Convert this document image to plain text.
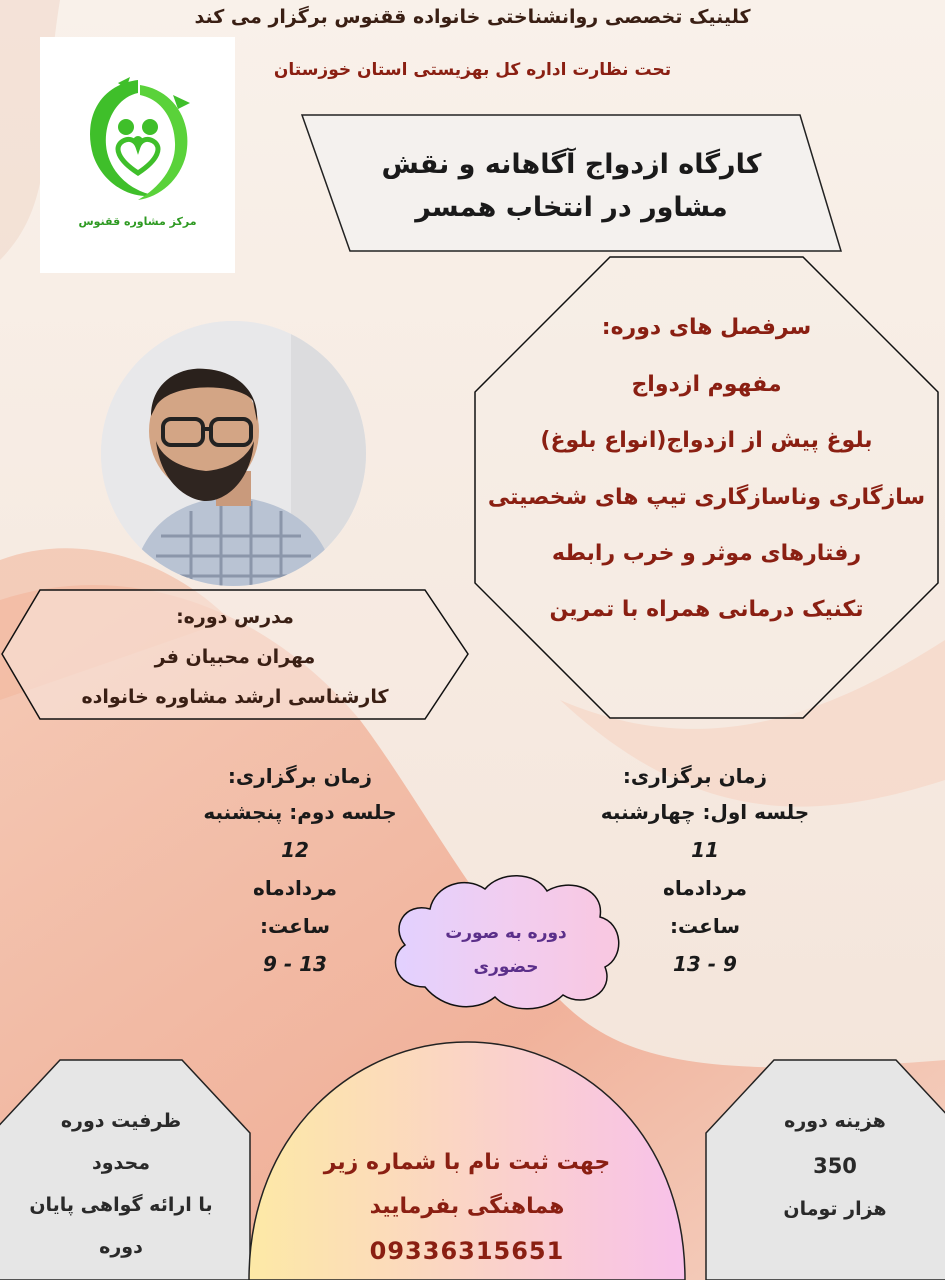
کلینیک تخصصی روانشناختی خانواده ققنوس برگزار می کند
تحت نظارت اداره کل بهزیستی استان خوزستان
مرکز مشاوره ققنوس
کارگاه ازدواج آگاهانه و نقش
مشاور در انتخاب همسر
سرفصل های دوره:
مفهوم ازدواج
بلوغ پیش از ازدواج(انواع بلوغ)
سازگاری وناسازگاری تیپ های شخصیتی
رفتارهای موثر و خرب رابطه
تکنیک درمانی همراه با تمرین
مدرس دوره:
مهران محبیان فر
کارشناسی ارشد مشاوره خانواده
زمان برگزاری:
جلسه اول: چهارشنبه
11
مردادماه
ساعت:
13 - 9
زمان برگزاری:
جلسه دوم: پنجشنبه
12
مردادماه
ساعت:
9 - 13
دوره به صورت
حضوری
ظرفیت دوره
محدود
با ارائه گواهی پایان
دوره
هزینه دوره
350
هزار تومان
جهت ثبت نام با شماره زیر
هماهنگی بفرمایید
09336315651
